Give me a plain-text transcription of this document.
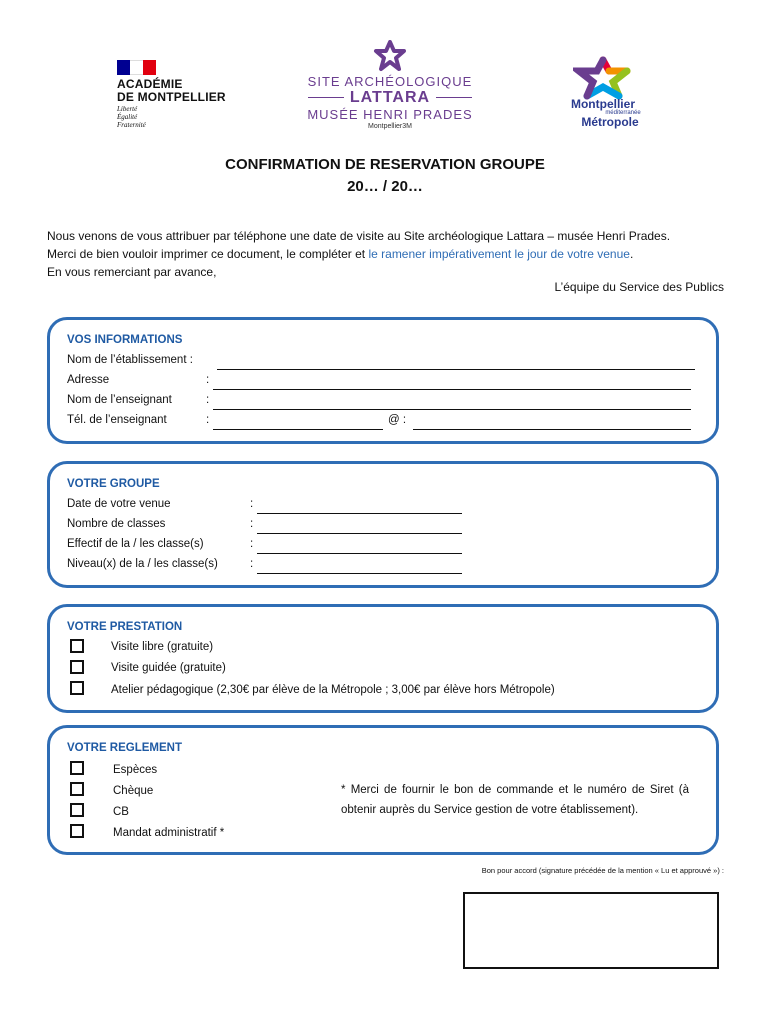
ACADÉMIE
DE MONTPELLIER
Liberté
Égalité
Fraternité
SITE ARCHÉOLOGIQUE
LATTARA
MUSÉE HENRI PRADES
Montpellier3M
Montpellier
méditerranée
Métropole
CONFIRMATION DE RESERVATION GROUPE
20… / 20…
Nous venons de vous attribuer par téléphone une date de visite au Site archéologique Lattara – musée Henri Prades.
Merci de bien vouloir imprimer ce document, le compléter et le ramener impérativement le jour de votre venue.
En vous remerciant par avance,
L’équipe du Service des Publics
VOS INFORMATIONS
Nom de l’établissement :
Adresse	:
Nom de l’enseignant	:
Tél. de l’enseignant	:	@ :
VOTRE GROUPE
Date de votre venue	:
Nombre de classes	:
Effectif de la / les classe(s)	:
Niveau(x) de la / les classe(s)	:
VOTRE PRESTATION
Visite libre (gratuite)
Visite guidée (gratuite)
Atelier pédagogique (2,30€ par élève de la Métropole ; 3,00€ par élève hors Métropole)
VOTRE REGLEMENT
Espèces
Chèque
CB
Mandat administratif *
* Merci de fournir le bon de commande et le numéro de Siret (à obtenir auprès du Service gestion de votre établissement).
Bon pour accord (signature précédée de la mention « Lu et approuvé ») :
